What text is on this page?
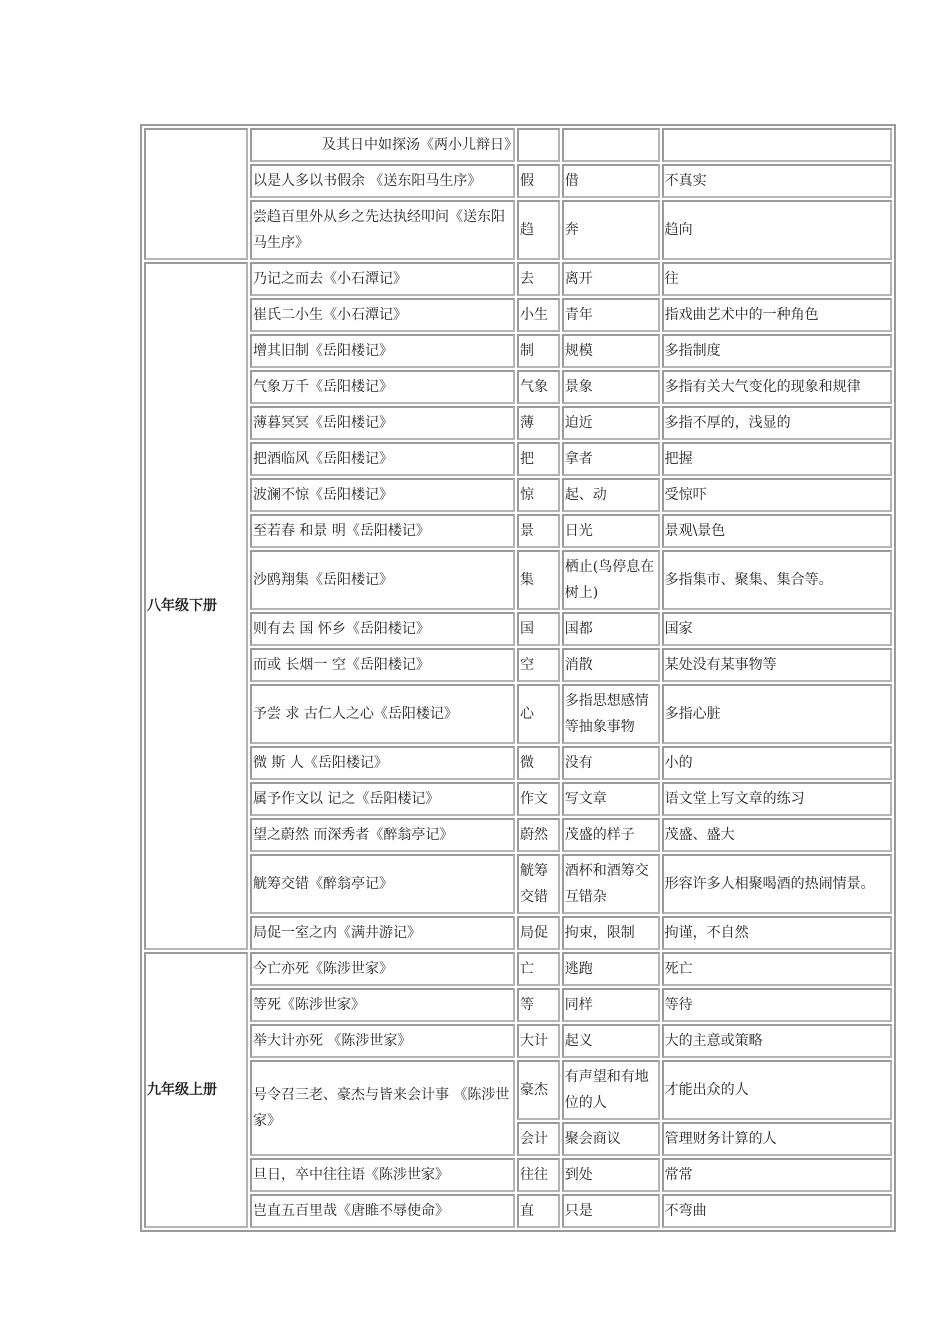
	及其日中如探汤《两小儿辩日》			
	以是人多以书假余 《送东阳马生序》	假	借	不真实
	尝趋百里外从乡之先达执经叩问《送东阳马生序》	趋	奔	趋向
八年级下册	乃记之而去《小石潭记》	去	离开	往
	崔氏二小生《小石潭记》	小生	青年	指戏曲艺术中的一种角色
	增其旧制《岳阳楼记》	制	规模	多指制度
	气象万千《岳阳楼记》	气象	景象	多指有关大气变化的现象和规律
	薄暮冥冥《岳阳楼记》	薄	迫近	多指不厚的，浅显的
	把酒临风《岳阳楼记》	把	拿者	把握
	波澜不惊《岳阳楼记》	惊	起、动	受惊吓
	至若春 和景 明《岳阳楼记》	景	日光	景观\景色
	沙鸥翔集《岳阳楼记》	集	栖止(鸟停息在树上)	多指集市、聚集、集合等。
	则有去 国 怀乡《岳阳楼记》	国	国都	国家
	而或 长烟一 空《岳阳楼记》	空	消散	某处没有某事物等
	予尝 求 古仁人之心《岳阳楼记》	心	多指思想感情等抽象事物	多指心脏
	微 斯 人《岳阳楼记》	微	没有	小的
	属予作文以 记之《岳阳楼记》	作文	写文章	语文堂上写文章的练习
	望之蔚然 而深秀者《醉翁亭记》	蔚然	茂盛的样子	茂盛、盛大
	觥筹交错《醉翁亭记》	觥筹交错	酒杯和酒筹交互错杂	形容许多人相聚喝酒的热闹情景。
	局促一室之内《满井游记》	局促	拘束，限制	拘谨，不自然
九年级上册	今亡亦死《陈涉世家》	亡	逃跑	死亡
	等死《陈涉世家》	等	同样	等待
	举大计亦死 《陈涉世家》	大计	起义	大的主意或策略
	号令召三老、豪杰与皆来会计事 《陈涉世家》	豪杰	有声望和有地位的人	才能出众的人
		会计	聚会商议	管理财务计算的人
	旦日，卒中往往语《陈涉世家》	往往	到处	常常
	岂直五百里哉《唐睢不辱使命》	直	只是	不弯曲
